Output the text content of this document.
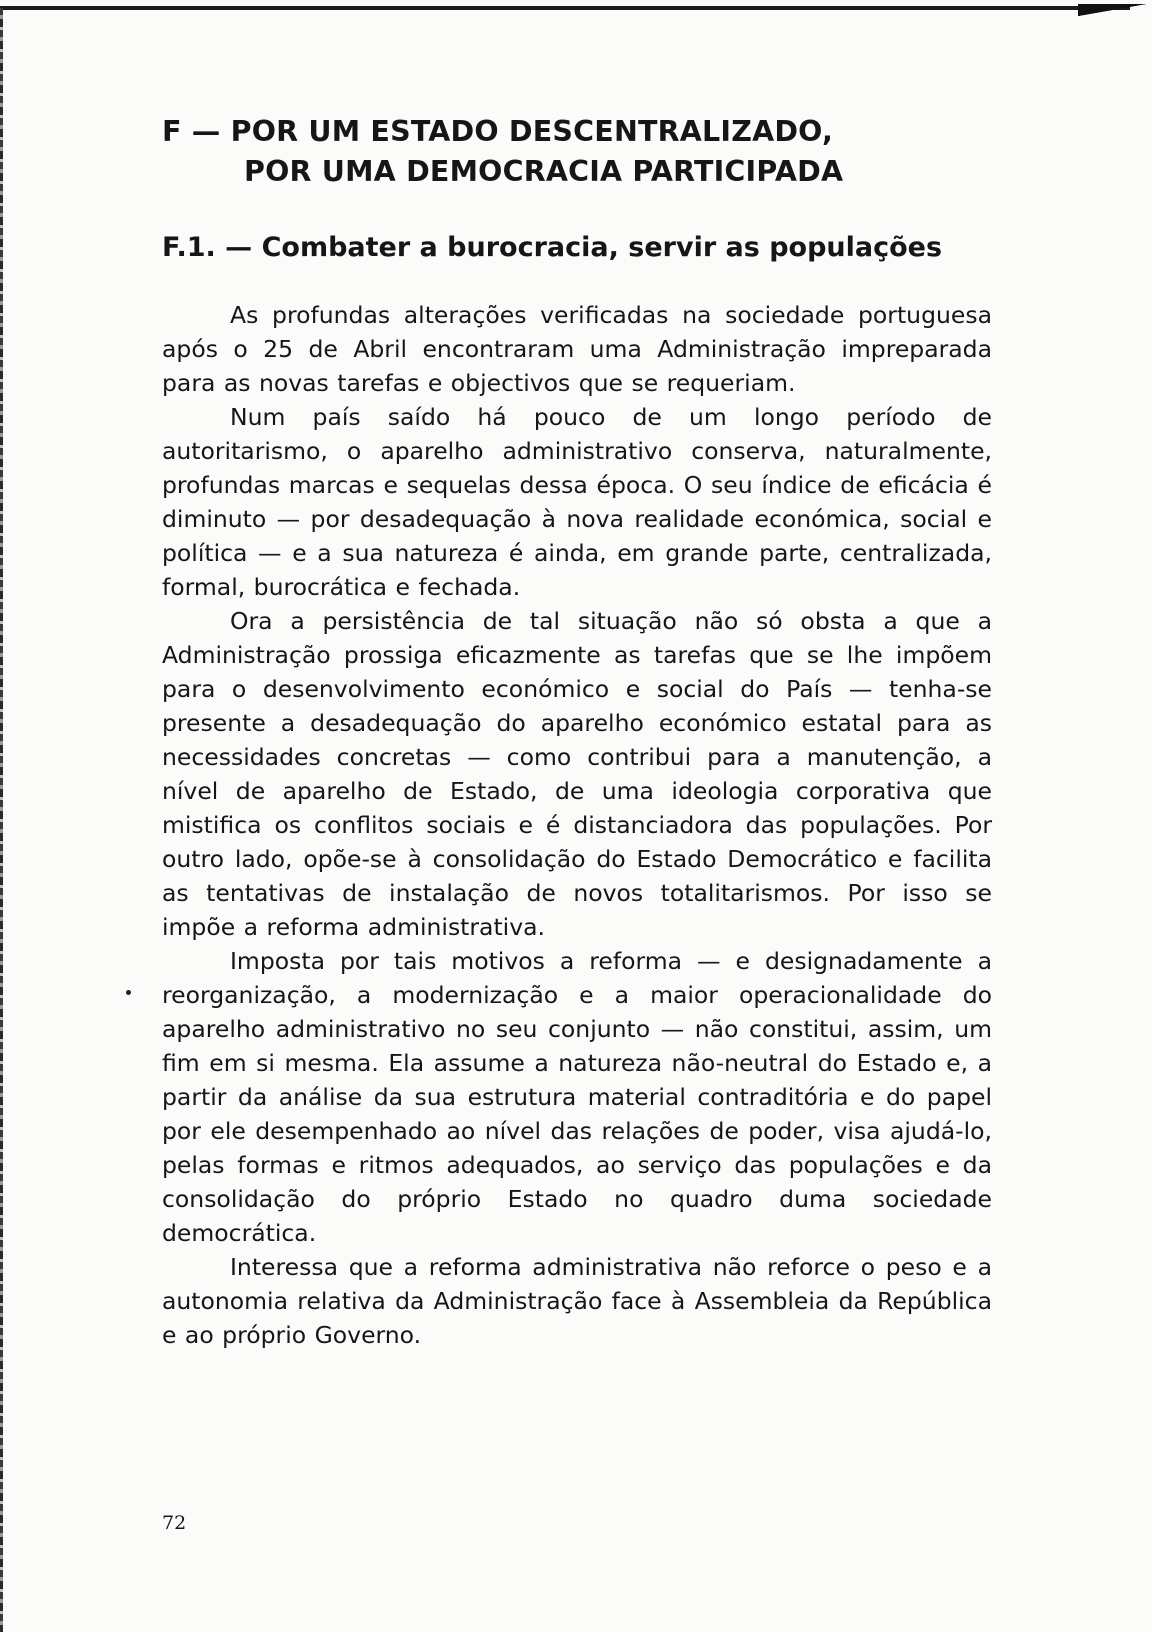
F — POR UM ESTADO DESCENTRALIZADO,
POR UMA DEMOCRACIA PARTICIPADA
F.1. — Combater a burocracia, servir as populações

As profundas alterações verificadas na sociedade portuguesa após o 25 de Abril encontraram uma Administração impreparada para as novas tarefas e objectivos que se requeriam.

Num país saído há pouco de um longo período de autoritarismo, o aparelho administrativo conserva, naturalmente, profundas marcas e sequelas dessa época. O seu índice de eficácia é diminuto — por desadequação à nova realidade económica, social e política — e a sua natureza é ainda, em grande parte, centralizada, formal, burocrática e fechada.

Ora a persistência de tal situação não só obsta a que a Administração prossiga eficazmente as tarefas que se lhe impõem para o desenvolvimento económico e social do País — tenha-se presente a desadequação do aparelho económico estatal para as necessidades concretas — como contribui para a manutenção, a nível de aparelho de Estado, de uma ideologia corporativa que mistifica os conflitos sociais e é distanciadora das populações. Por outro lado, opõe-se à consolidação do Estado Democrático e facilita as tentativas de instalação de novos totalitarismos. Por isso se impõe a reforma administrativa.

Imposta por tais motivos a reforma — e designadamente a reorganização, a modernização e a maior operacionalidade do aparelho administrativo no seu conjunto — não constitui, assim, um fim em si mesma. Ela assume a natureza não-neutral do Estado e, a partir da análise da sua estrutura material contraditória e do papel por ele desempenhado ao nível das relações de poder, visa ajudá-lo, pelas formas e ritmos adequados, ao serviço das populações e da consolidação do próprio Estado no quadro duma sociedade democrática.

Interessa que a reforma administrativa não reforce o peso e a autonomia relativa da Administração face à Assembleia da República e ao próprio Governo.

72
